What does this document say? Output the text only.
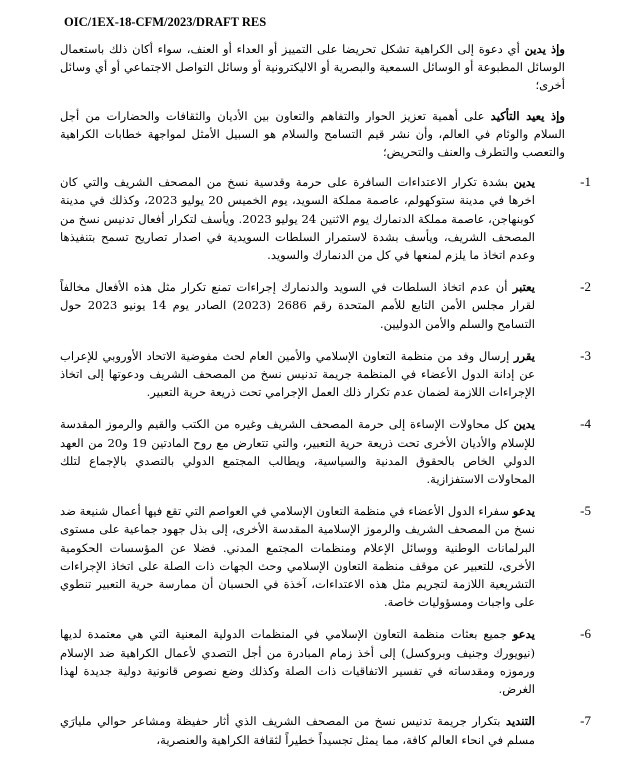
OIC/1EX-18-CFM/2023/DRAFT RES

وإذ يدين أي دعوة إلى الكراهية تشكل تحريضا على التمييز أو العداء أو العنف، سواء أكان ذلك باستعمال الوسائل المطبوعة أو الوسائل السمعية والبصرية أو الاليكترونية أو وسائل التواصل الاجتماعي أو أي وسائل أخرى؛

وإذ يعيد التأكيد على أهمية تعزيز الحوار والتفاهم والتعاون بين الأديان والثقافات والحضارات من أجل السلام والوئام في العالم، وأن نشر قيم التسامح والسلام هو السبيل الأمثل لمواجهة خطابات الكراهية والتعصب والتطرف والعنف والتحريض؛

-1
يدين بشدة تكرار الاعتداءات السافرة على حرمة وقدسية نسخ من المصحف الشريف والتي كان اخرها في مدينة ستوكهولم، عاصمة مملكة السويد، يوم الخميس 20 يوليو 2023، وكذلك في مدينة كوبنهاجن، عاصمة مملكة الدنمارك يوم الاثنين 24 يوليو 2023. ويأسف لتكرار أفعال تدنيس نسخ من المصحف الشريف، ويأسف بشدة لاستمرار السلطات السويدية في اصدار تصاريح تسمح بتنفيذها وعدم اتخاذ ما يلزم لمنعها في كل من الدنمارك والسويد.
-2
يعتبر أن عدم اتخاذ السلطات في السويد والدنمارك إجراءات تمنع تكرار مثل هذه الأفعال مخالفاً لقرار مجلس الأمن التابع للأمم المتحدة رقم 2686 (2023) الصادر يوم 14 يونيو 2023 حول التسامح والسلم والأمن الدوليين.
-3
يقرر إرسال وفد من منظمة التعاون الإسلامي والأمين العام لحث مفوضية الاتحاد الأوروبي للإعراب عن إدانة الدول الأعضاء في المنظمة جريمة تدنيس نسخ من المصحف الشريف ودعوتها إلى اتخاذ الإجراءات اللازمة لضمان عدم تكرار ذلك العمل الإجرامي تحت ذريعة حرية التعبير.
-4
يدين كل محاولات الإساءة إلى حرمة المصحف الشريف وغيره من الكتب والقيم والرموز المقدسة للإسلام والأديان الأخرى تحت ذريعة حرية التعبير، والتي تتعارض مع روح المادتين 19 و20 من العهد الدولي الخاص بالحقوق المدنية والسياسية، ويطالب المجتمع الدولي بالتصدي بالإجماع لتلك المحاولات الاستفزازية.
-5
يدعو سفراء الدول الأعضاء في منظمة التعاون الإسلامي في العواصم التي تقع فيها أعمال شنيعة ضد نسخ من المصحف الشريف والرموز الإسلامية المقدسة الأخرى، إلى بذل جهود جماعية على مستوى البرلمانات الوطنية ووسائل الإعلام ومنظمات المجتمع المدني. فضلا عن المؤسسات الحكومية الأخرى، للتعبير عن موقف منظمة التعاون الإسلامي وحث الجهات ذات الصلة على اتخاذ الإجراءات التشريعية اللازمة لتجريم مثل هذه الاعتداءات، آخذة في الحسبان أن ممارسة حرية التعبير تنطوي على واجبات ومسؤوليات خاصة.
-6
يدعو جميع بعثات منظمة التعاون الإسلامي في المنظمات الدولية المعنية التي هي معتمدة لديها (نيويورك وجنيف وبروكسل) إلى أخذ زمام المبادرة من أجل التصدي لأعمال الكراهية ضد الإسلام ورموزه ومقدساته في تفسير الاتفاقيات ذات الصلة وكذلك وضع نصوص قانونية دولية جديدة لهذا الغرض.
-7
التنديد بتكرار جريمة تدنيس نسخ من المصحف الشريف الذي أثار حفيظة ومشاعر حوالي مليارَي مسلم في انحاء العالم كافة، مما يمثل تجسيداً خطيراً لثقافة الكراهية والعنصرية،
